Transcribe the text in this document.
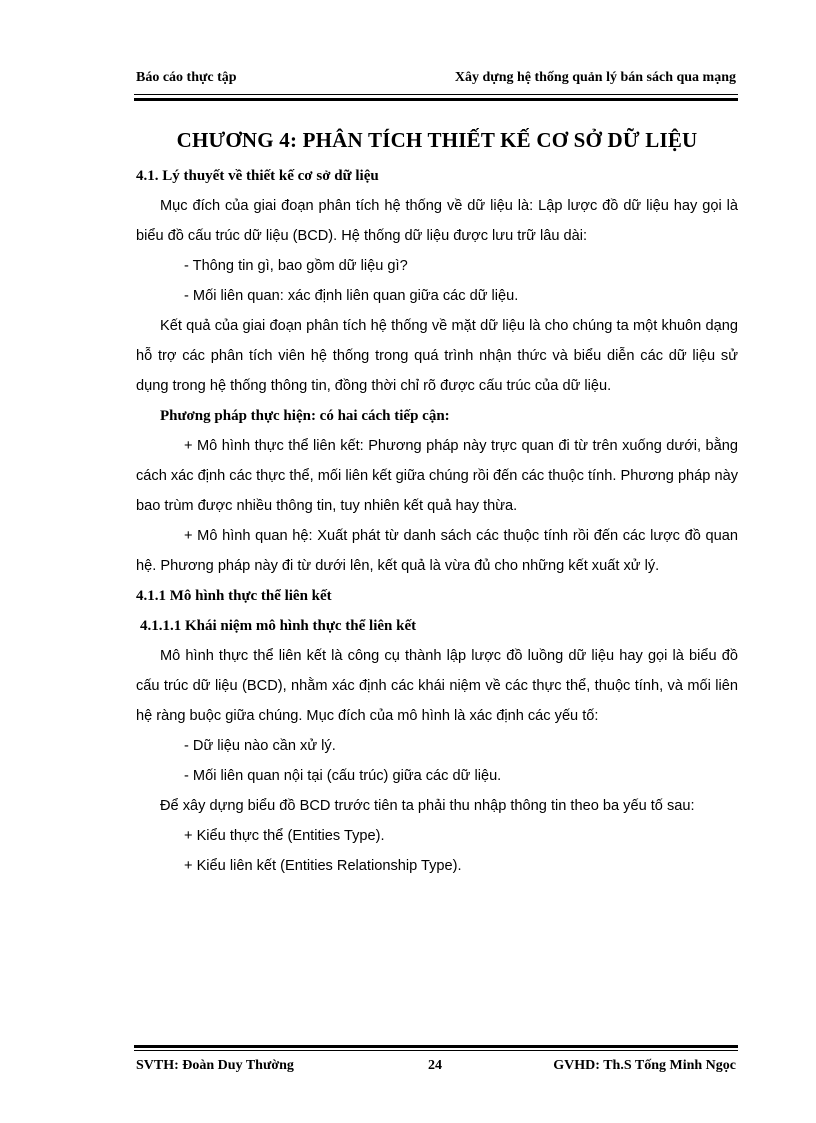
Báo cáo thực tập	Xây dựng hệ thống quản lý bán sách qua mạng
CHƯƠNG 4: PHÂN TÍCH THIẾT KẾ CƠ SỞ DỮ LIỆU
4.1. Lý thuyết về thiết kế cơ sở dữ liệu

Mục đích của giai đoạn phân tích hệ thống về dữ liệu là: Lập lược đồ dữ liệu hay gọi là biểu đồ cấu trúc dữ liệu (BCD). Hệ thống dữ liệu được lưu trữ lâu dài:

- Thông tin gì, bao gồm dữ liệu gì?

- Mối liên quan: xác định liên quan giữa các dữ liệu.

Kết quả của giai đoạn phân tích hệ thống về mặt dữ liệu là cho chúng ta một khuôn dạng hỗ trợ các phân tích viên hệ thống trong quá trình nhận thức và biểu diễn các dữ liệu sử dụng trong hệ thống thông tin, đồng thời chỉ rõ được cấu trúc của dữ liệu.

Phương pháp thực hiện: có hai cách tiếp cận:

+ Mô hình thực thể liên kết: Phương pháp này trực quan đi từ trên xuống dưới, bằng cách xác định các thực thể, mối liên kết giữa chúng rồi đến các thuộc tính. Phương pháp này bao trùm được nhiều thông tin, tuy nhiên kết quả hay thừa.

+ Mô hình quan hệ: Xuất phát từ danh sách các thuộc tính rồi đến các lược đồ quan hệ. Phương pháp này đi từ dưới lên, kết quả là vừa đủ cho những kết xuất xử lý.

4.1.1 Mô hình thực thể liên kết
4.1.1.1 Khái niệm mô hình thực thể liên kết

Mô hình thực thể liên kết là công cụ thành lập lược đồ luồng dữ liệu hay gọi là biểu đồ cấu trúc dữ liệu (BCD), nhằm xác định các khái niệm về các thực thể, thuộc tính, và mối liên hệ ràng buộc giữa chúng. Mục đích của mô hình là xác định các yếu tố:

- Dữ liệu nào cần xử lý.

- Mối liên quan nội tại (cấu trúc) giữa các dữ liệu.

Để xây dựng biểu đồ BCD trước tiên ta phải thu nhập thông tin theo ba yếu tố sau:

+ Kiểu thực thể (Entities Type).

+ Kiểu liên kết (Entities Relationship Type).

SVTH: Đoàn Duy Thường	24	GVHD: Th.S Tống Minh Ngọc
